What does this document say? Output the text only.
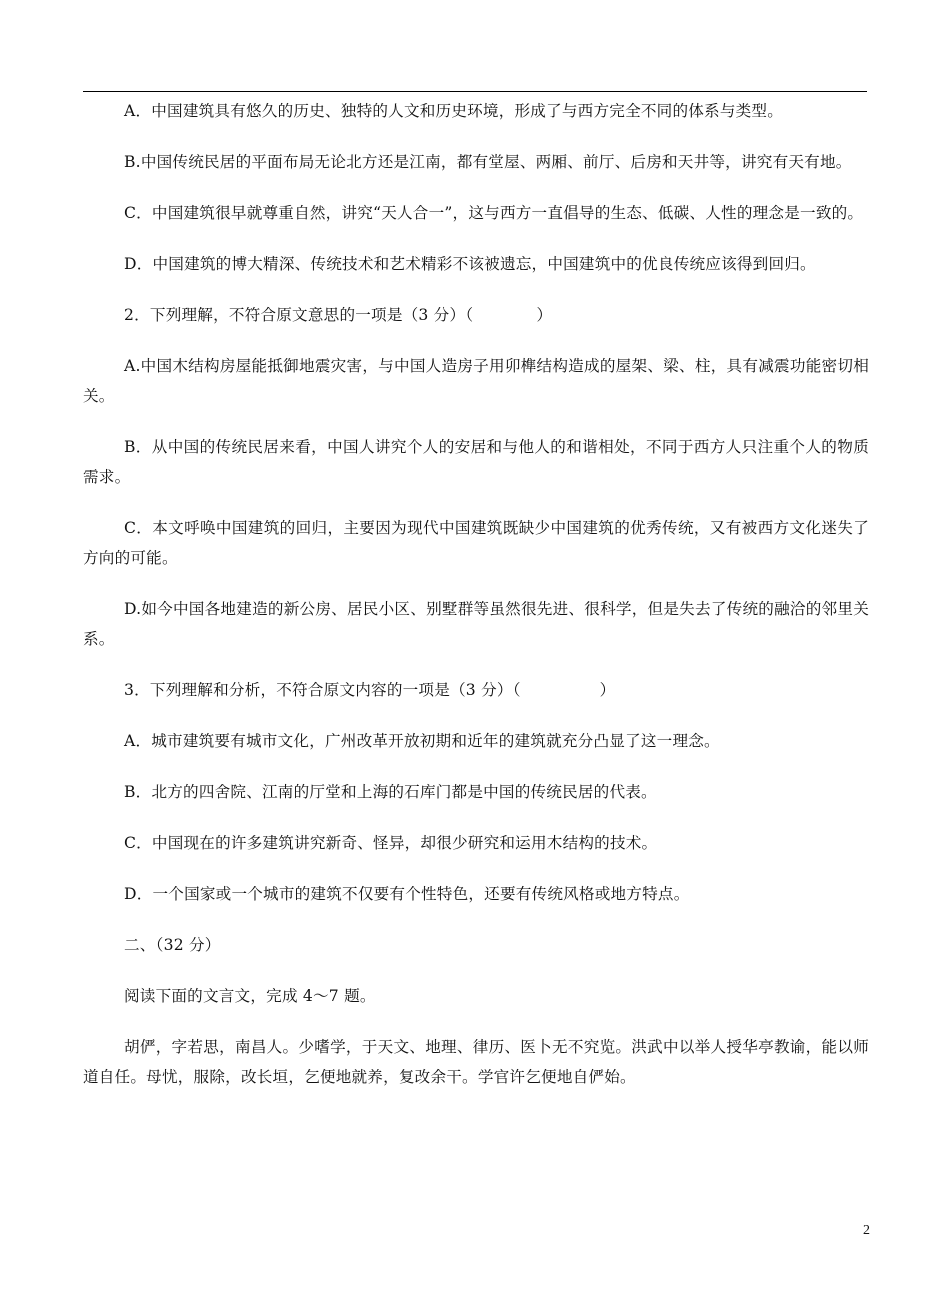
A．中国建筑具有悠久的历史、独特的人文和历史环境，形成了与西方完全不同的体系与类型。

B.中国传统民居的平面布局无论北方还是江南，都有堂屋、两厢、前厅、后房和天井等，讲究有天有地。

C．中国建筑很早就尊重自然，讲究“天人合一”，这与西方一直倡导的生态、低碳、人性的理念是一致的。

D．中国建筑的博大精深、传统技术和艺术精彩不该被遗忘，中国建筑中的优良传统应该得到回归。

2．下列理解，不符合原文意思的一项是（3 分）（　　　　）

A.中国木结构房屋能抵御地震灾害，与中国人造房子用卯榫结构造成的屋架、梁、柱，具有减震功能密切相关。

B．从中国的传统民居来看，中国人讲究个人的安居和与他人的和谐相处，不同于西方人只注重个人的物质需求。

C．本文呼唤中国建筑的回归，主要因为现代中国建筑既缺少中国建筑的优秀传统，又有被西方文化迷失了方向的可能。

D.如今中国各地建造的新公房、居民小区、别墅群等虽然很先进、很科学，但是失去了传统的融洽的邻里关系。

3．下列理解和分析，不符合原文内容的一项是（3 分）（　　　　　）

A．城市建筑要有城市文化，广州改革开放初期和近年的建筑就充分凸显了这一理念。

B．北方的四舍院、江南的厅堂和上海的石库门都是中国的传统民居的代表。

C．中国现在的许多建筑讲究新奇、怪异，却很少研究和运用木结构的技术。

D．一个国家或一个城市的建筑不仅要有个性特色，还要有传统风格或地方特点。

二、（32 分）

阅读下面的文言文，完成 4～7 题。

胡俨，字若思，南昌人。少嗜学，于天文、地理、律历、医卜无不究览。洪武中以举人授华亭教谕，能以师道自任。母忧，服除，改长垣，乞便地就养，复改余干。学官许乞便地自俨始。

2
